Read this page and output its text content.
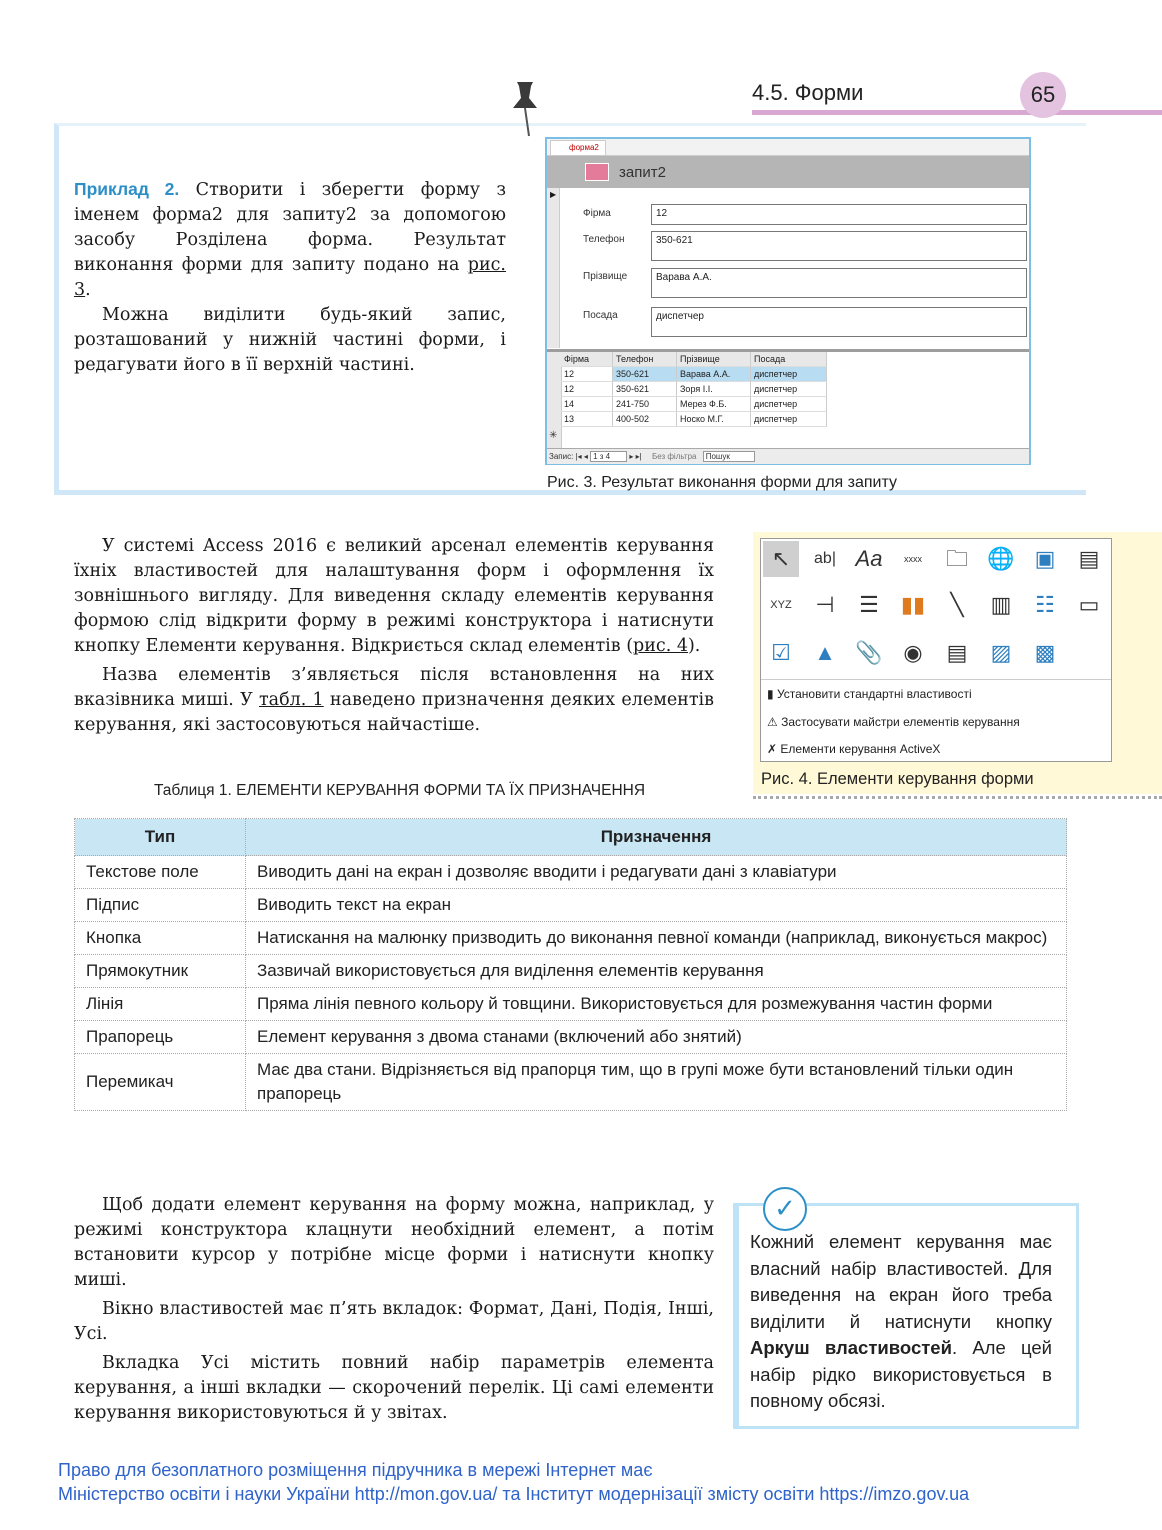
4.5. Форми	65

Приклад 2. Створити і зберегти форму з іменем форма2 для запиту2 за допомогою засобу Розділена форма. Результат виконання форми для запиту подано на рис. 3.

Можна виділити будь-який запис, розташований у нижній частині форми, і редагувати його в її верхній частині.

форма2
запит2
▶
Фірма	12
Телефон	350-621
Прізвище	Варава А.А.
Посада	диспетчер
Фірма	Телефон	Прізвище	Посада
12	350-621	Варава А.А.	диспетчер
12	350-621	Зоря І.І.	диспетчер
14	241-750	Мерез Ф.Б.	диспетчер
13	400-502	Носко М.Г.	диспетчер
✳
Запис: |◂ ◂ 1 з 4 ▸ ▸| Без фільтра Пошук
Рис. 3. Результат виконання форми для запиту

У системі Access 2016 є великий арсенал елементів керування їхніх властивостей для налаштування форм і оформлення їх зовнішнього вигляду. Для виведення складу елементів керування формою слід відкрити форму в режимі конструктора і натиснути кнопку Елементи керування. Відкриється склад елементів (рис. 4).

Назва елементів з’являється після встановлення на них вказівника миші. У табл. 1 наведено призначення деяких елементів керування, які застосовуються найчастіше.

↖	ab| Aa	xxxx	🗀 🌐 ▣	▤
XYZ	⊣	☰	▮▮	╲	▥	☷	▭
☑	▲ 📎 ◉	▤	▨	▩
▮ Установити стандартні властивості
⚠ Застосувати майстри елементів керування
✗ Елементи керування ActiveX
Рис. 4. Елементи керування форми
Таблиця 1. ЕЛЕМЕНТИ КЕРУВАННЯ ФОРМИ ТА ЇХ ПРИЗНАЧЕННЯ
Тип	Призначення
Текстове поле	Виводить дані на екран і дозволяє вводити і редагувати дані з клавіатури
Підпис	Виводить текст на екран
Кнопка	Натискання на малюнку призводить до виконання певної команди (наприклад, виконується макрос)
Прямокутник	Зазвичай використовується для виділення елементів керування
Лінія	Пряма лінія певного кольору й товщини. Використовується для розмежування частин форми
Прапорець	Елемент керування з двома станами (включений або знятий)
Перемикач	Має два стани. Відрізняється від прапорця тим, що в групі може бути встановлений тільки один прапорець

Щоб додати елемент керування на форму можна, наприклад, у режимі конструктора клацнути необхідний елемент, а потім встановити курсор у потрібне місце форми і натиснути кнопку миші.

Вікно властивостей має п’ять вкладок: Формат, Дані, Подія, Інші, Усі.

Вкладка Усі містить повний набір параметрів елемента керування, а інші вкладки — скорочений перелік. Ці самі елементи керування використовуються й у звітах.

✓
Кожний елемент керування має власний набір властивостей. Для виведення на екран його треба виділити й натиснути кнопку Аркуш властивостей. Але цей набір рідко використовується в повному обсязі.
Право для безоплатного розміщення підручника в мережі Інтернет має
Міністерство освіти і науки України http://mon.gov.ua/ та Інститут модернізації змісту освіти https://imzo.gov.ua
